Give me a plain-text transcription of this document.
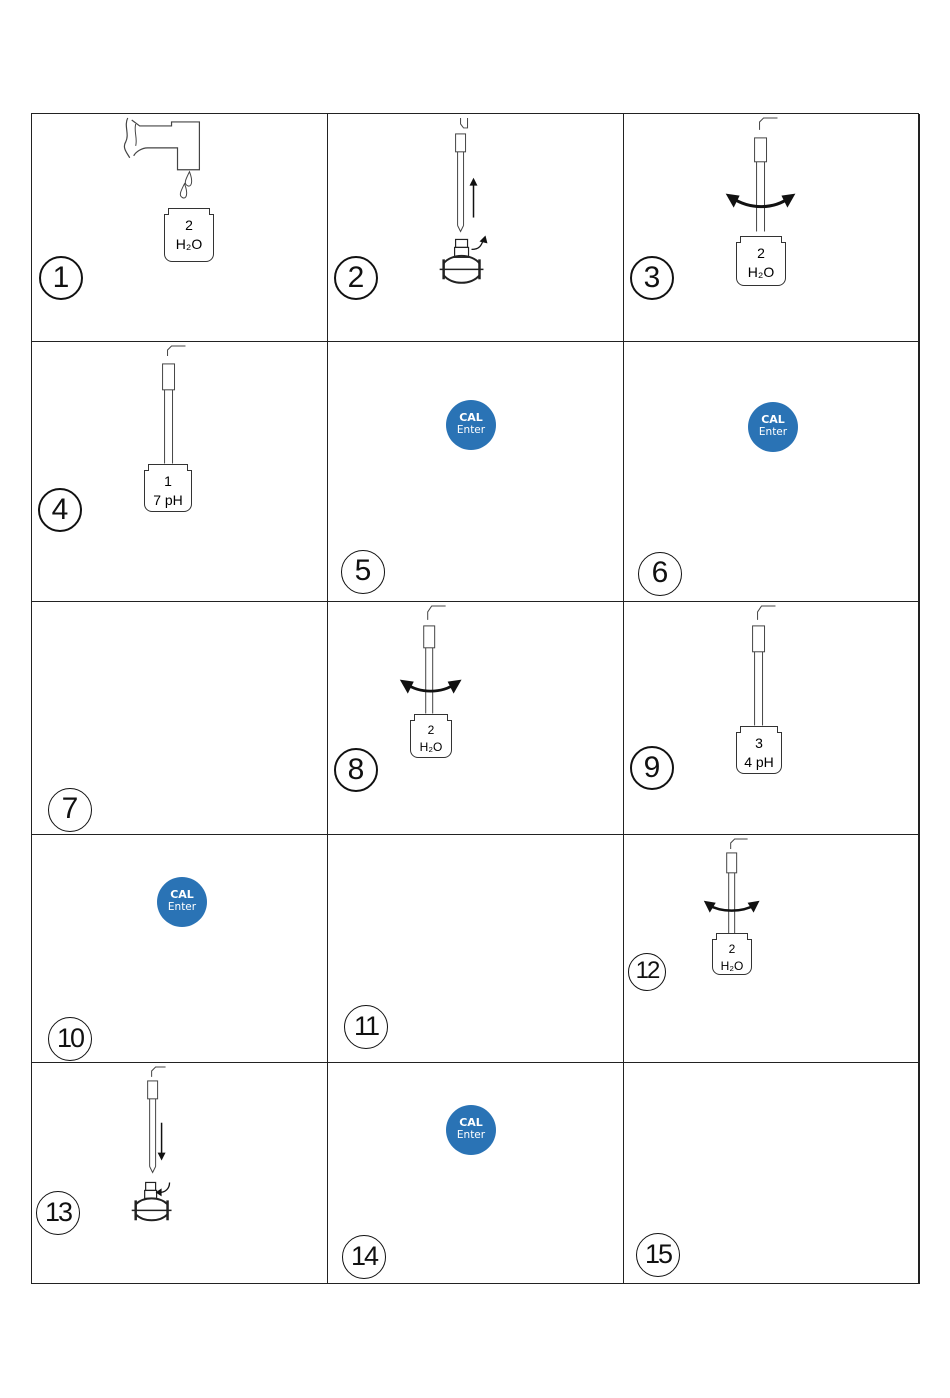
2
H₂O
1	2
2
H₂O
3
1
7 pH
4
CAL
Enter
5
CAL
Enter
6
7
2
H₂O
8
3
4 pH
9
CAL
Enter
10	11
2
H₂O
12
13
CAL
Enter
14	15
